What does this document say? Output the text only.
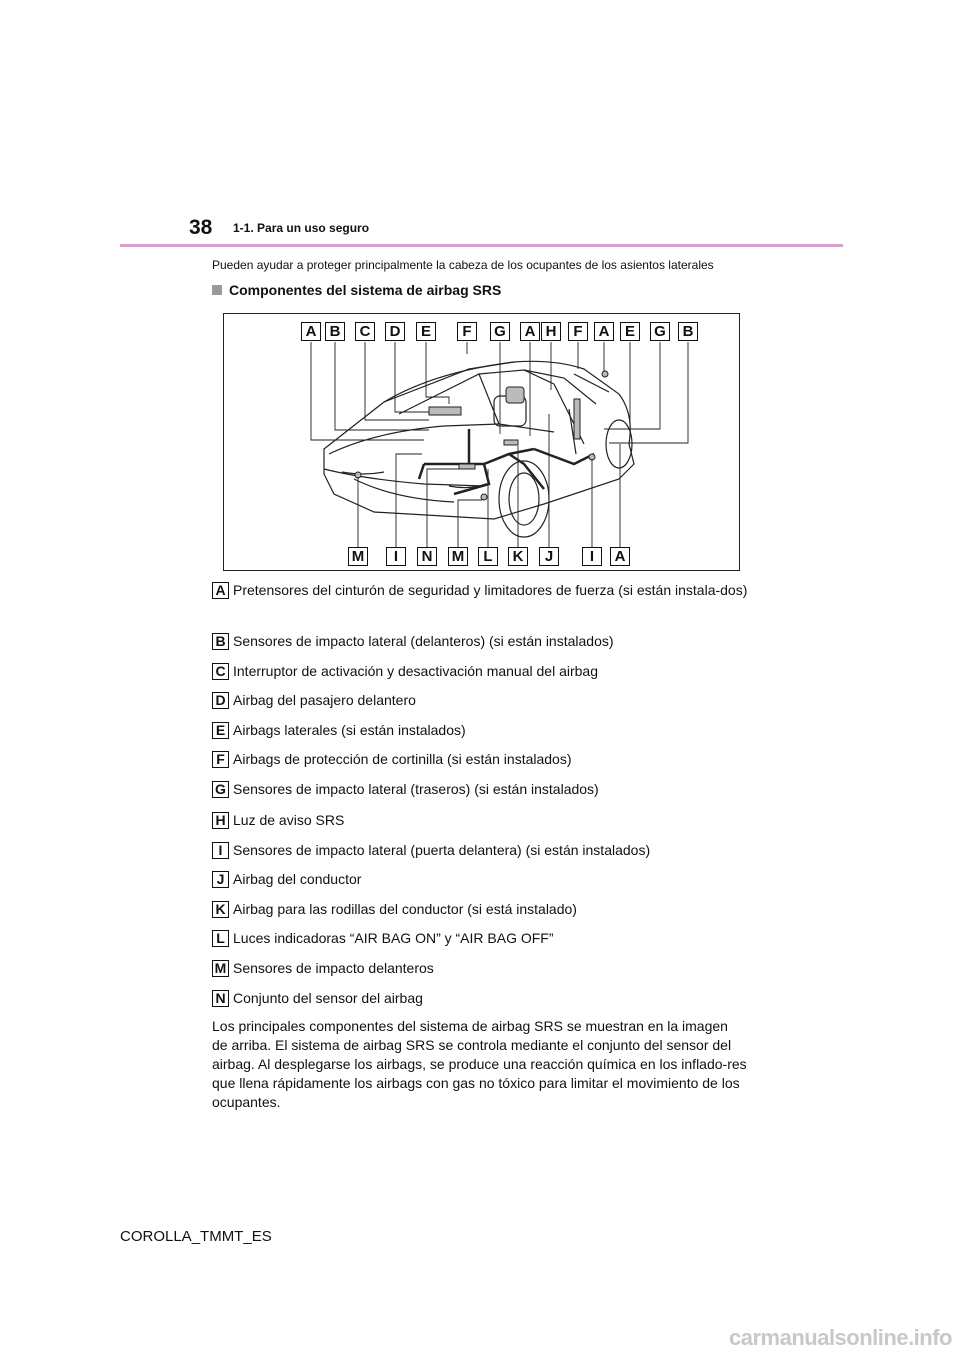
38 1-1. Para un uso seguro
Pueden ayudar a proteger principalmente la cabeza de los ocupantes de los asientos laterales
Componentes del sistema de airbag SRS
A B	C	D	E	F	G	A H	F	A	E	G	B
M	I	N	M	L	K	J	I	A
A Pretensores del cinturón de seguridad y limitadores de fuerza (si están instala-dos)
B Sensores de impacto lateral (delanteros) (si están instalados)
C Interruptor de activación y desactivación manual del airbag
D Airbag del pasajero delantero
E Airbags laterales (si están instalados)
F Airbags de protección de cortinilla (si están instalados)
G Sensores de impacto lateral (traseros) (si están instalados)
H Luz de aviso SRS
I Sensores de impacto lateral (puerta delantera) (si están instalados)
J Airbag del conductor
K Airbag para las rodillas del conductor (si está instalado)
L Luces indicadoras “AIR BAG ON” y “AIR BAG OFF”
M Sensores de impacto delanteros
N Conjunto del sensor del airbag
Los principales componentes del sistema de airbag SRS se muestran en la imagen de arriba. El sistema de airbag SRS se controla mediante el conjunto del sensor del airbag. Al desplegarse los airbags, se produce una reacción química en los inflado-res que llena rápidamente los airbags con gas no tóxico para limitar el movimiento de los ocupantes.
COROLLA_TMMT_ES
carmanualsonline.info
